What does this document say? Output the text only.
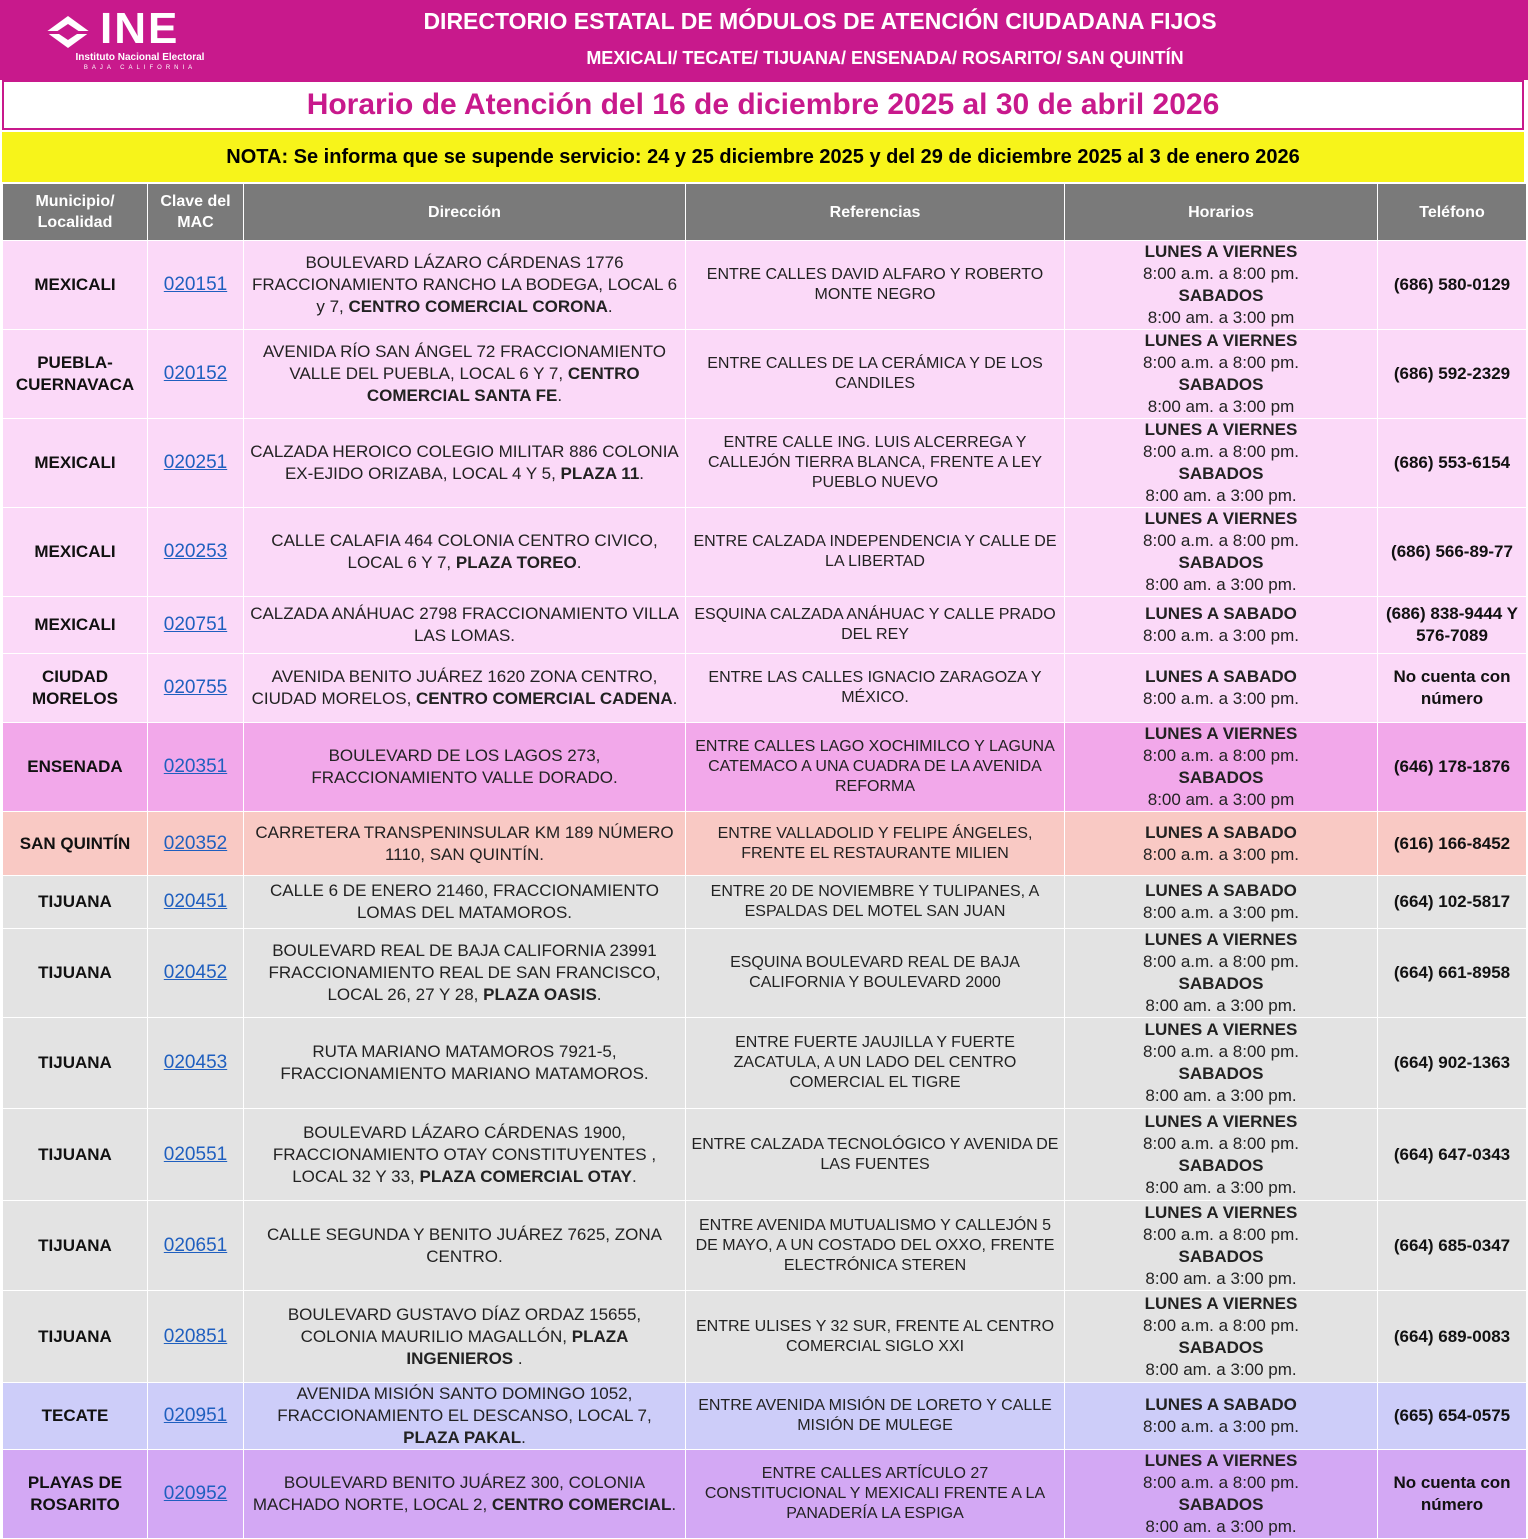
INE
Instituto Nacional Electoral
BAJA CALIFORNIA
DIRECTORIO ESTATAL DE MÓDULOS DE ATENCIÓN CIUDADANA FIJOS
MEXICALI/ TECATE/ TIJUANA/ ENSENADA/ ROSARITO/ SAN QUINTÍN
Horario de Atención del 16 de diciembre 2025 al 30 de abril 2026
NOTA: Se informa que se supende servicio: 24 y 25 diciembre 2025 y del 29 de diciembre 2025 al 3 de enero 2026
Municipio/ Localidad	Clave del MAC	Dirección	Referencias	Horarios	Teléfono
MEXICALI	020151	BOULEVARD LÁZARO CÁRDENAS 1776 FRACCIONAMIENTO RANCHO LA BODEGA, LOCAL 6 y 7, CENTRO COMERCIAL CORONA.	ENTRE CALLES DAVID ALFARO Y ROBERTO MONTE NEGRO	LUNES A VIERNES
8:00 a.m. a 8:00 pm.
SABADOS
8:00 am. a 3:00 pm	(686) 580-0129
PUEBLA-CUERNAVACA	020152	AVENIDA RÍO SAN ÁNGEL 72 FRACCIONAMIENTO VALLE DEL PUEBLA, LOCAL 6 Y 7, CENTRO COMERCIAL SANTA FE.	ENTRE CALLES DE LA CERÁMICA Y DE LOS CANDILES	LUNES A VIERNES
8:00 a.m. a 8:00 pm.
SABADOS
8:00 am. a 3:00 pm	(686) 592-2329
MEXICALI	020251	CALZADA HEROICO COLEGIO MILITAR 886 COLONIA EX-EJIDO ORIZABA, LOCAL 4 Y 5, PLAZA 11.	ENTRE CALLE ING. LUIS ALCERREGA Y CALLEJÓN TIERRA BLANCA, FRENTE A LEY PUEBLO NUEVO	LUNES A VIERNES
8:00 a.m. a 8:00 pm.
SABADOS
8:00 am. a 3:00 pm.	(686) 553-6154
MEXICALI	020253	CALLE CALAFIA 464 COLONIA CENTRO CIVICO, LOCAL 6 Y 7, PLAZA TOREO.	ENTRE CALZADA INDEPENDENCIA Y CALLE DE LA LIBERTAD	LUNES A VIERNES
8:00 a.m. a 8:00 pm.
SABADOS
8:00 am. a 3:00 pm.	(686) 566-89-77
MEXICALI	020751	CALZADA ANÁHUAC 2798 FRACCIONAMIENTO VILLA LAS LOMAS.	ESQUINA CALZADA ANÁHUAC Y CALLE PRADO DEL REY	LUNES A SABADO
8:00 a.m. a 3:00 pm.	(686) 838-9444 Y 576-7089
CIUDAD MORELOS	020755	AVENIDA BENITO JUÁREZ 1620 ZONA CENTRO, CIUDAD MORELOS, CENTRO COMERCIAL CADENA.	ENTRE LAS CALLES IGNACIO ZARAGOZA Y MÉXICO.	LUNES A SABADO
8:00 a.m. a 3:00 pm.	No cuenta con número
ENSENADA	020351	BOULEVARD DE LOS LAGOS 273, FRACCIONAMIENTO VALLE DORADO.	ENTRE CALLES LAGO XOCHIMILCO Y LAGUNA CATEMACO A UNA CUADRA DE LA AVENIDA REFORMA	LUNES A VIERNES
8:00 a.m. a 8:00 pm.
SABADOS
8:00 am. a 3:00 pm	(646) 178-1876
SAN QUINTÍN	020352	CARRETERA TRANSPENINSULAR KM 189 NÚMERO 1110, SAN QUINTÍN.	ENTRE VALLADOLID Y FELIPE ÁNGELES, FRENTE EL RESTAURANTE MILIEN	LUNES A SABADO
8:00 a.m. a 3:00 pm.	(616) 166-8452
TIJUANA	020451	CALLE 6 DE ENERO 21460, FRACCIONAMIENTO LOMAS DEL MATAMOROS.	ENTRE 20 DE NOVIEMBRE Y TULIPANES, A ESPALDAS DEL MOTEL SAN JUAN	LUNES A SABADO
8:00 a.m. a 3:00 pm.	(664) 102-5817
TIJUANA	020452	BOULEVARD REAL DE BAJA CALIFORNIA 23991 FRACCIONAMIENTO REAL DE SAN FRANCISCO, LOCAL 26, 27 Y 28, PLAZA OASIS.	ESQUINA BOULEVARD REAL DE BAJA CALIFORNIA Y BOULEVARD 2000	LUNES A VIERNES
8:00 a.m. a 8:00 pm.
SABADOS
8:00 am. a 3:00 pm.	(664) 661-8958
TIJUANA	020453	RUTA MARIANO MATAMOROS 7921-5, FRACCIONAMIENTO MARIANO MATAMOROS.	ENTRE FUERTE JAUJILLA Y FUERTE ZACATULA, A UN LADO DEL CENTRO COMERCIAL EL TIGRE	LUNES A VIERNES
8:00 a.m. a 8:00 pm.
SABADOS
8:00 am. a 3:00 pm.	(664) 902-1363
TIJUANA	020551	BOULEVARD LÁZARO CÁRDENAS 1900, FRACCIONAMIENTO OTAY CONSTITUYENTES , LOCAL 32 Y 33, PLAZA COMERCIAL OTAY.	ENTRE CALZADA TECNOLÓGICO Y AVENIDA DE LAS FUENTES	LUNES A VIERNES
8:00 a.m. a 8:00 pm.
SABADOS
8:00 am. a 3:00 pm.	(664) 647-0343
TIJUANA	020651	CALLE SEGUNDA Y BENITO JUÁREZ 7625, ZONA CENTRO.	ENTRE AVENIDA MUTUALISMO Y CALLEJÓN 5 DE MAYO, A UN COSTADO DEL OXXO, FRENTE ELECTRÓNICA STEREN	LUNES A VIERNES
8:00 a.m. a 8:00 pm.
SABADOS
8:00 am. a 3:00 pm.	(664) 685-0347
TIJUANA	020851	BOULEVARD GUSTAVO DÍAZ ORDAZ 15655, COLONIA MAURILIO MAGALLÓN, PLAZA INGENIEROS .	ENTRE ULISES Y 32 SUR, FRENTE AL CENTRO COMERCIAL SIGLO XXI	LUNES A VIERNES
8:00 a.m. a 8:00 pm.
SABADOS
8:00 am. a 3:00 pm.	(664) 689-0083
TECATE	020951	AVENIDA MISIÓN SANTO DOMINGO 1052, FRACCIONAMIENTO EL DESCANSO, LOCAL 7, PLAZA PAKAL.	ENTRE AVENIDA MISIÓN DE LORETO Y CALLE MISIÓN DE MULEGE	LUNES A SABADO
8:00 a.m. a 3:00 pm.	(665) 654-0575
PLAYAS DE ROSARITO	020952	BOULEVARD BENITO JUÁREZ 300, COLONIA MACHADO NORTE, LOCAL 2, CENTRO COMERCIAL.	ENTRE CALLES ARTÍCULO 27 CONSTITUCIONAL Y MEXICALI FRENTE A LA PANADERÍA LA ESPIGA	LUNES A VIERNES
8:00 a.m. a 8:00 pm.
SABADOS
8:00 am. a 3:00 pm.	No cuenta con número
